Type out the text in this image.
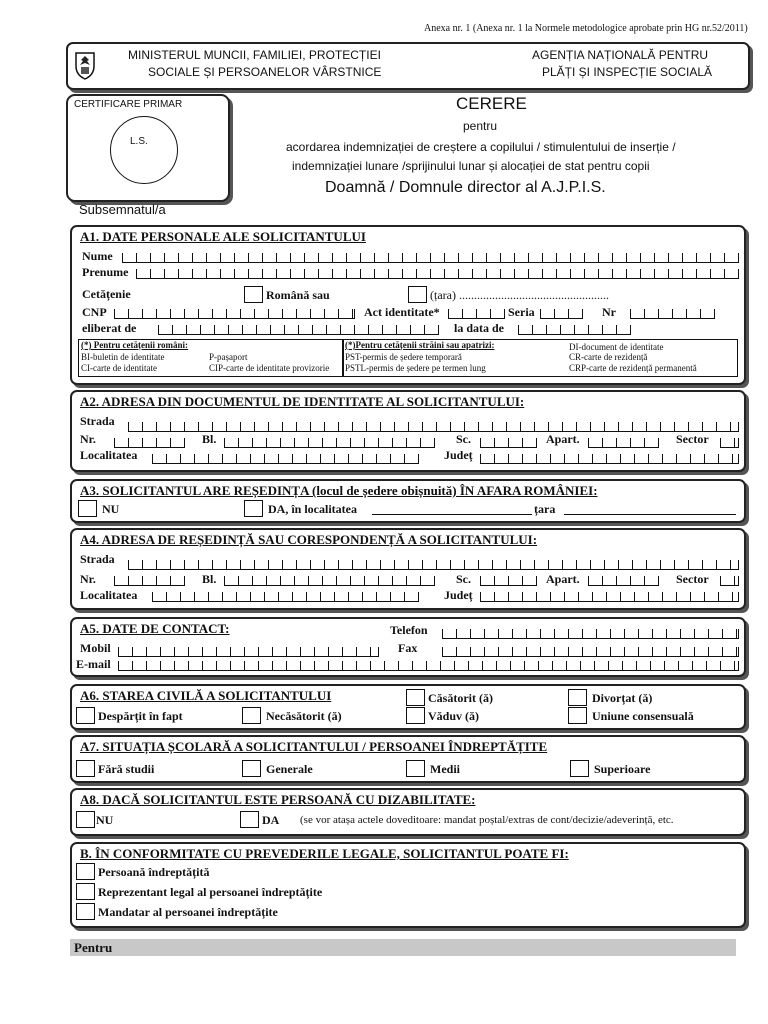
Anexa nr. 1 (Anexa nr. 1 la Normele metodologice aprobate prin HG nr.52/2011)
MINISTERUL MUNCII, FAMILIEI, PROTECȚIEI
SOCIALE ȘI PERSOANELOR VÂRSTNICE
AGENȚIA NAȚIONALĂ PENTRU
PLĂȚI ȘI INSPECȚIE SOCIALĂ
CERTIFICARE PRIMAR
L.S.
CERERE
pentru
acordarea indemnizației de creștere a copilului / stimulentului de inserție /
indemnizației lunare /sprijinului lunar și alocației de stat pentru copii
Doamnă / Domnule director al A.J.P.I.S.
Subsemnatul/a
A1. DATE PERSONALE ALE SOLICITANTULUI
Nume
Prenume
Cetățenie	Română sau	(țara) ..................................................
CNP	Act identitate*	Seria	Nr
eliberat de	la data de
(*) Pentru cetățenii români:
BI-buletin de identitate
CI-carte de identitate
P-pașaport
CIP-carte de identitate provizorie
(*)Pentru cetățenii străini sau apatrizi:
PST-permis de ședere temporară
PSTL-permis de ședere pe termen lung
DI-document de identitate
CR-carte de rezidență
CRP-carte de rezidență permanentă
A2. ADRESA DIN DOCUMENTUL DE IDENTITATE AL SOLICITANTULUI:
Strada
Nr.	Bl.	Sc.	Apart.	Sector
Localitatea	Județ
A3. SOLICITANTUL ARE REȘEDINȚA (locul de ședere obișnuită) ÎN AFARA ROMÂNIEI:
NU	DA, în localitatea	țara
A4. ADRESA DE REȘEDINȚĂ SAU CORESPONDENȚĂ A SOLICITANTULUI:
Strada
Nr.	Bl.	Sc.	Apart.	Sector
Localitatea	Județ
A5. DATE DE CONTACT:	Telefon
Mobil	Fax
E-mail
A6. STAREA CIVILĂ A SOLICITANTULUI	Căsătorit (ă)	Divorțat (ă)
Despărțit în fapt	Necăsătorit (ă)	Văduv (ă)	Uniune consensuală
A7. SITUAȚIA ȘCOLARĂ A SOLICITANTULUI / PERSOANEI ÎNDREPTĂȚITE
Fără studii	Generale	Medii	Superioare
A8. DACĂ SOLICITANTUL ESTE PERSOANĂ CU DIZABILITATE:
NU	DA (se vor atașa actele doveditoare: mandat poștal/extras de cont/decizie/adeverință, etc.
B. ÎN CONFORMITATE CU PREVEDERILE LEGALE, SOLICITANTUL POATE FI:
Persoană îndreptățită
Reprezentant legal al persoanei îndreptățite
Mandatar al persoanei îndreptățite
Pentru
